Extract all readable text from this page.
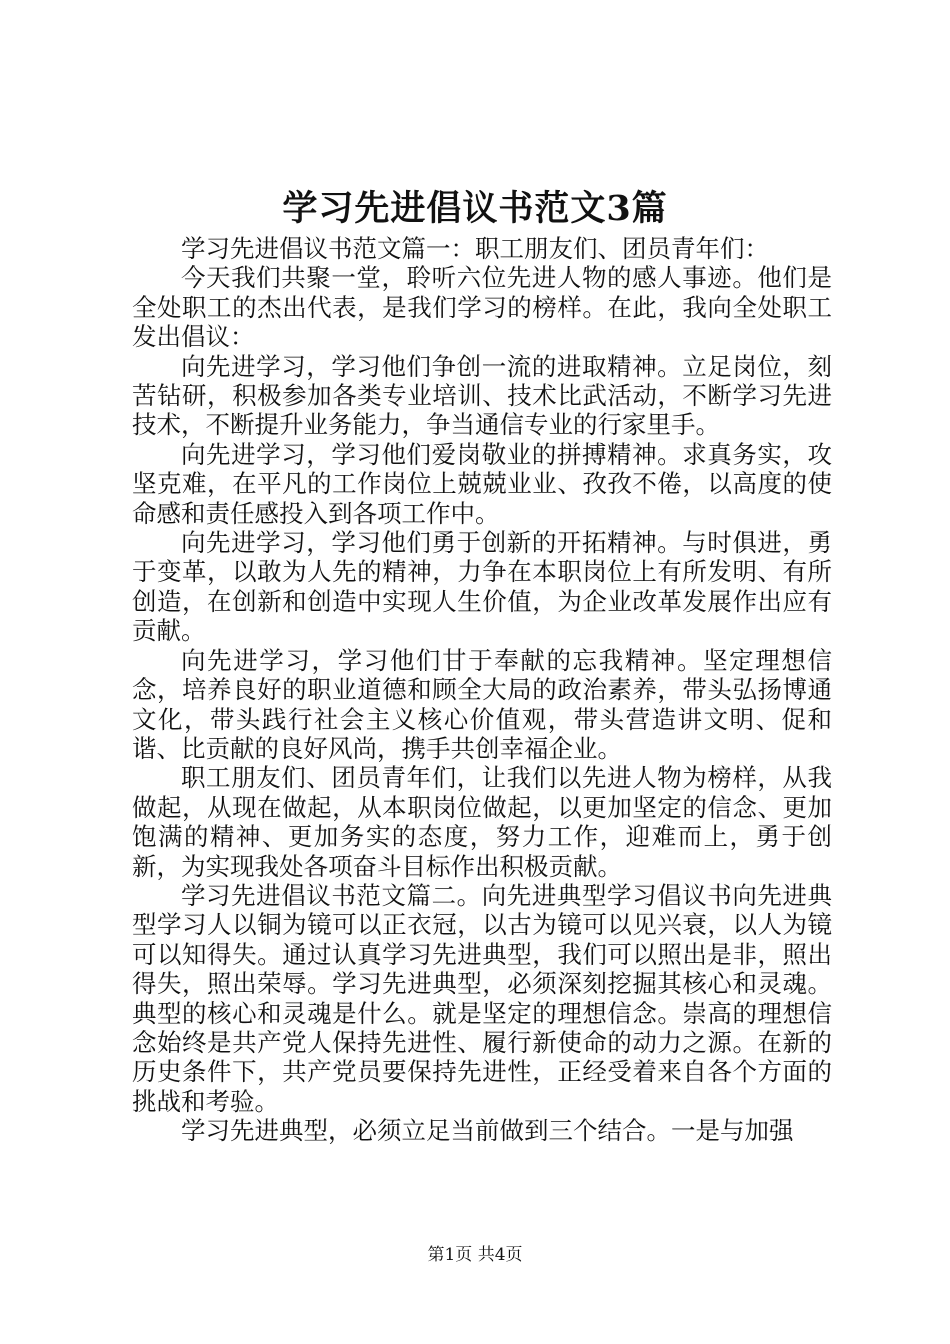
学习先进倡议书范文3篇

学习先进倡议书范文篇一：职工朋友们、团员青年们：

今天我们共聚一堂，聆听六位先进人物的感人事迹。他们是全处职工的杰出代表，是我们学习的榜样。在此，我向全处职工发出倡议：

向先进学习，学习他们争创一流的进取精神。立足岗位，刻苦钻研，积极参加各类专业培训、技术比武活动，不断学习先进技术，不断提升业务能力，争当通信专业的行家里手。

向先进学习，学习他们爱岗敬业的拼搏精神。求真务实，攻坚克难，在平凡的工作岗位上兢兢业业、孜孜不倦，以高度的使命感和责任感投入到各项工作中。

向先进学习，学习他们勇于创新的开拓精神。与时俱进，勇于变革，以敢为人先的精神，力争在本职岗位上有所发明、有所创造，在创新和创造中实现人生价值，为企业改革发展作出应有贡献。

向先进学习，学习他们甘于奉献的忘我精神。坚定理想信念，培养良好的职业道德和顾全大局的政治素养，带头弘扬博通文化，带头践行社会主义核心价值观，带头营造讲文明、促和谐、比贡献的良好风尚，携手共创幸福企业。

职工朋友们、团员青年们，让我们以先进人物为榜样，从我做起，从现在做起，从本职岗位做起，以更加坚定的信念、更加饱满的精神、更加务实的态度，努力工作，迎难而上，勇于创新，为实现我处各项奋斗目标作出积极贡献。

学习先进倡议书范文篇二。向先进典型学习倡议书向先进典型学习人以铜为镜可以正衣冠，以古为镜可以见兴衰，以人为镜可以知得失。通过认真学习先进典型，我们可以照出是非，照出得失，照出荣辱。学习先进典型，必须深刻挖掘其核心和灵魂。典型的核心和灵魂是什么。就是坚定的理想信念。崇高的理想信念始终是共产党人保持先进性、履行新使命的动力之源。在新的历史条件下，共产党员要保持先进性，正经受着来自各个方面的挑战和考验。

学习先进典型，必须立足当前做到三个结合。一是与加强

第1页 共4页
